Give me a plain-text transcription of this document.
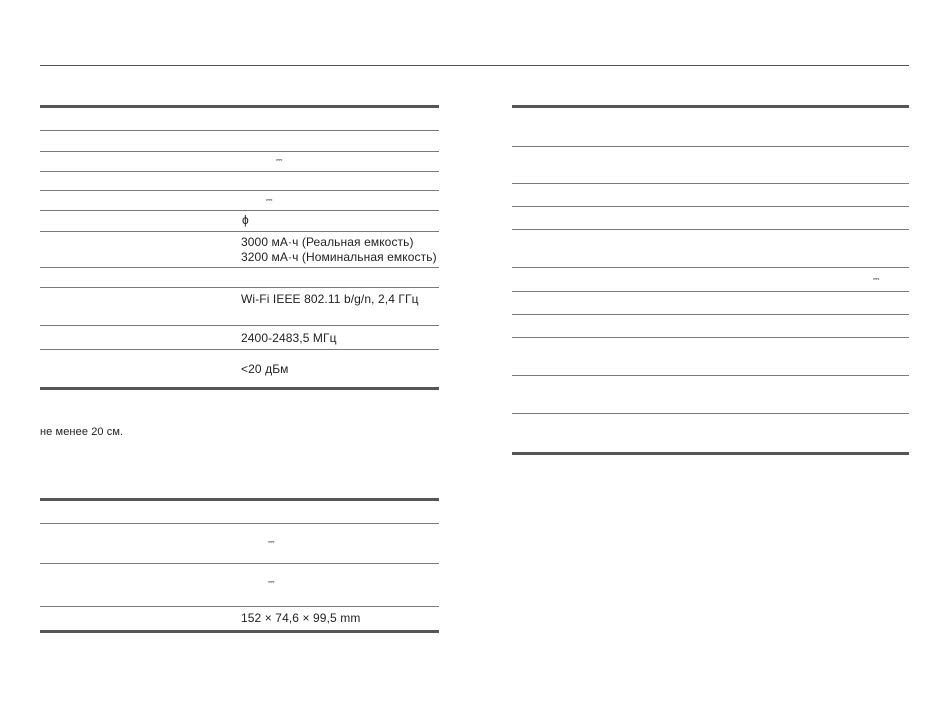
⎓
⎓
ϕ
3000 мА·ч (Реальная емкость)
3200 мА·ч (Номинальная емкость)
Wi-Fi IEEE 802.11 b/g/n, 2,4 ГГц
2400-2483,5 МГц
<20 дБм
не менее 20 см.
⎓
⎓
152 × 74,6 × 99,5 mm
⎓
